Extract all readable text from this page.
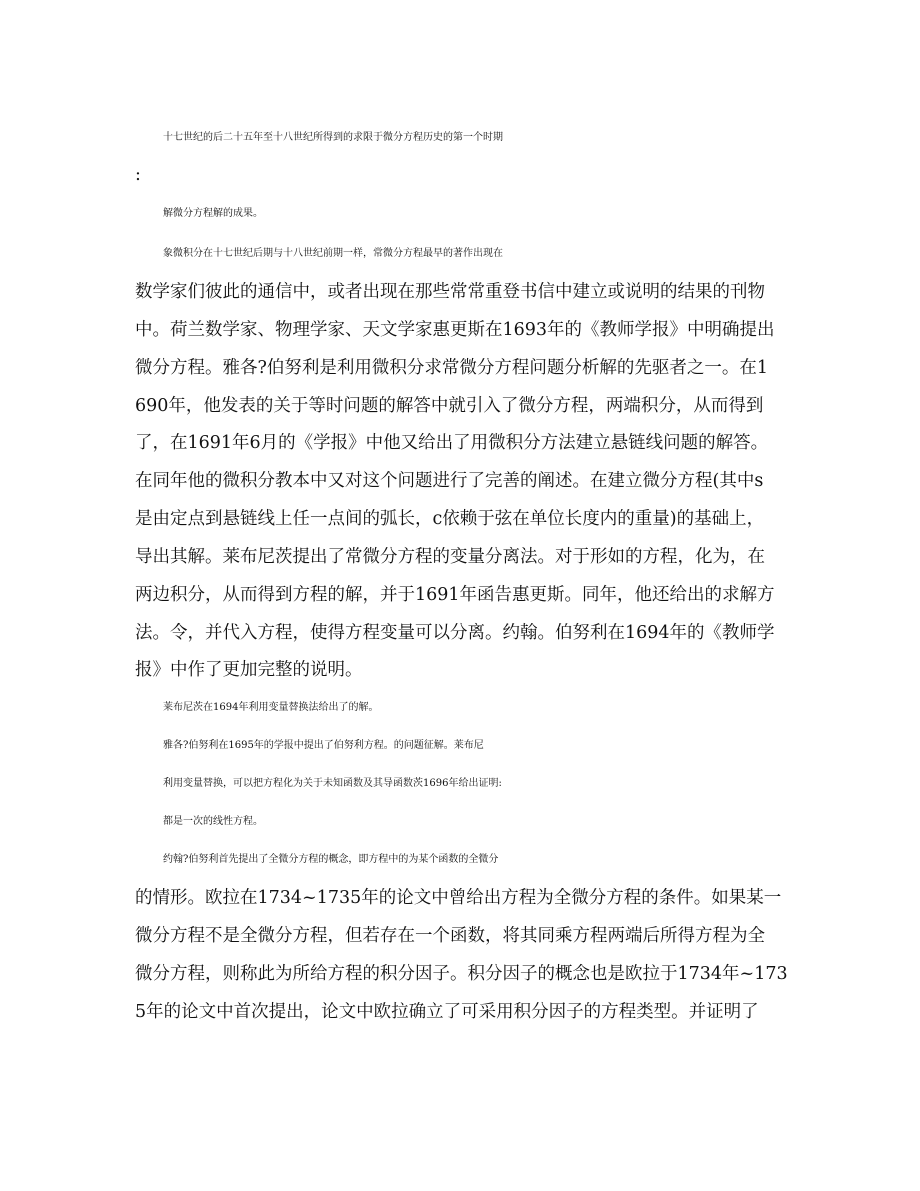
十七世纪的后二十五年至十八世纪所得到的求限于微分方程历史的第一个时期
:
解微分方程解的成果。
象微积分在十七世纪后期与十八世纪前期一样，常微分方程最早的著作出现在
数学家们彼此的通信中，或者出现在那些常常重登书信中建立或说明的结果的刊物
中。荷兰数学家、物理学家、天文学家惠更斯在1693年的《教师学报》中明确提出
微分方程。雅各?伯努利是利用微积分求常微分方程问题分析解的先驱者之一。在1
690年，他发表的关于等时问题的解答中就引入了微分方程，两端积分，从而得到
了，在1691年6月的《学报》中他又给出了用微积分方法建立悬链线问题的解答。
在同年他的微积分教本中又对这个问题进行了完善的阐述。在建立微分方程(其中s
是由定点到悬链线上任一点间的弧长，c依赖于弦在单位长度内的重量)的基础上，
导出其解。莱布尼茨提出了常微分方程的变量分离法。对于形如的方程，化为，在
两边积分，从而得到方程的解，并于1691年函告惠更斯。同年，他还给出的求解方
法。令，并代入方程，使得方程变量可以分离。约翰。伯努利在1694年的《教师学
报》中作了更加完整的说明。
莱布尼茨在1694年利用变量替换法给出了的解。
雅各?伯努利在1695年的学报中提出了伯努利方程。的问题征解。莱布尼
利用变量替换，可以把方程化为关于未知函数及其导函数茨1696年给出证明:
都是一次的线性方程。
约翰?伯努利首先提出了全微分方程的概念，即方程中的为某个函数的全微分
的情形。欧拉在1734~1735年的论文中曾给出方程为全微分方程的条件。如果某一
微分方程不是全微分方程，但若存在一个函数，将其同乘方程两端后所得方程为全
微分方程，则称此为所给方程的积分因子。积分因子的概念也是欧拉于1734年~173
5年的论文中首次提出，论文中欧拉确立了可采用积分因子的方程类型。并证明了
